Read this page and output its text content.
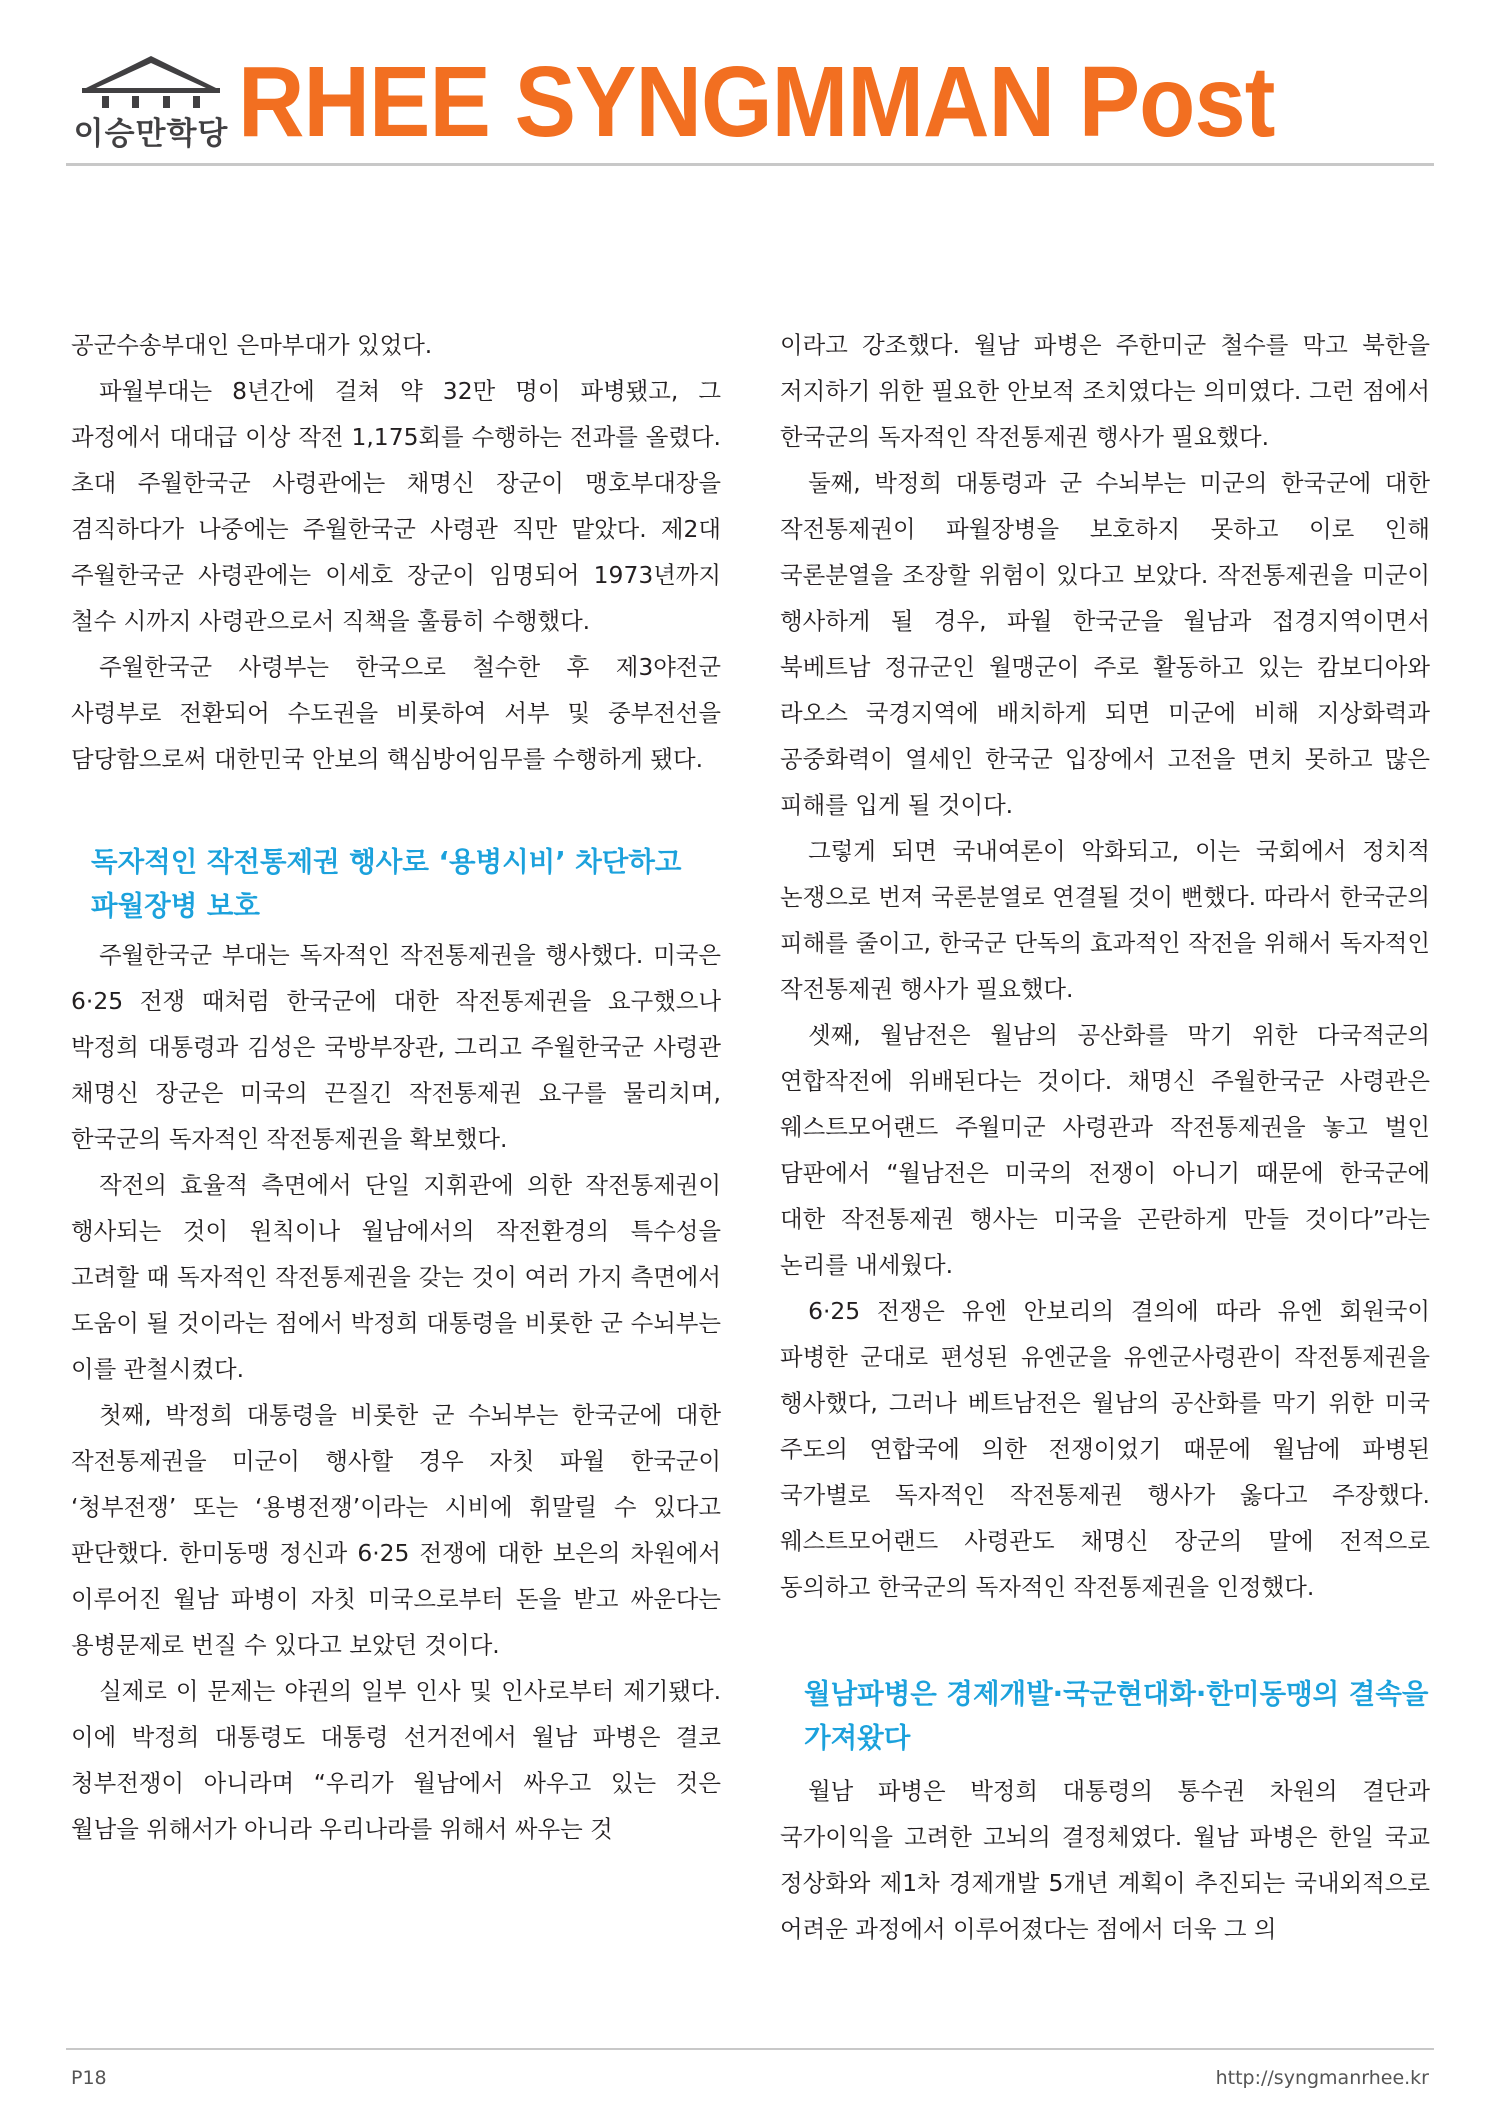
이승만학당 RHEE SYNGMMAN Post

공군수송부대인 은마부대가 있었다.

파월부대는 8년간에 걸쳐 약 32만 명이 파병됐고, 그 과정에서 대대급 이상 작전 1,175회를 수행하는 전과를 올렸다. 초대 주월한국군 사령관에는 채명신 장군이 맹호부대장을 겸직하다가 나중에는 주월한국군 사령관 직만 맡았다. 제2대 주월한국군 사령관에는 이세호 장군이 임명되어 1973년까지 철수 시까지 사령관으로서 직책을 훌륭히 수행했다.

주월한국군 사령부는 한국으로 철수한 후 제3야전군 사령부로 전환되어 수도권을 비롯하여 서부 및 중부전선을 담당함으로써 대한민국 안보의 핵심방어임무를 수행하게 됐다.

독자적인 작전통제권 행사로 ‘용병시비’ 차단하고 파월장병 보호

주월한국군 부대는 독자적인 작전통제권을 행사했다. 미국은 6·25 전쟁 때처럼 한국군에 대한 작전통제권을 요구했으나 박정희 대통령과 김성은 국방부장관, 그리고 주월한국군 사령관 채명신 장군은 미국의 끈질긴 작전통제권 요구를 물리치며, 한국군의 독자적인 작전통제권을 확보했다.

작전의 효율적 측면에서 단일 지휘관에 의한 작전통제권이 행사되는 것이 원칙이나 월남에서의 작전환경의 특수성을 고려할 때 독자적인 작전통제권을 갖는 것이 여러 가지 측면에서 도움이 될 것이라는 점에서 박정희 대통령을 비롯한 군 수뇌부는 이를 관철시켰다.

첫째, 박정희 대통령을 비롯한 군 수뇌부는 한국군에 대한 작전통제권을 미군이 행사할 경우 자칫 파월 한국군이 ‘청부전쟁’ 또는 ‘용병전쟁’이라는 시비에 휘말릴 수 있다고 판단했다. 한미동맹 정신과 6·25 전쟁에 대한 보은의 차원에서 이루어진 월남 파병이 자칫 미국으로부터 돈을 받고 싸운다는 용병문제로 번질 수 있다고 보았던 것이다.

실제로 이 문제는 야권의 일부 인사 및 인사로부터 제기됐다. 이에 박정희 대통령도 대통령 선거전에서 월남 파병은 결코 청부전쟁이 아니라며 “우리가 월남에서 싸우고 있는 것은 월남을 위해서가 아니라 우리나라를 위해서 싸우는 것

이라고 강조했다. 월남 파병은 주한미군 철수를 막고 북한을 저지하기 위한 필요한 안보적 조치였다는 의미였다. 그런 점에서 한국군의 독자적인 작전통제권 행사가 필요했다.

둘째, 박정희 대통령과 군 수뇌부는 미군의 한국군에 대한 작전통제권이 파월장병을 보호하지 못하고 이로 인해 국론분열을 조장할 위험이 있다고 보았다. 작전통제권을 미군이 행사하게 될 경우, 파월 한국군을 월남과 접경지역이면서 북베트남 정규군인 월맹군이 주로 활동하고 있는 캄보디아와 라오스 국경지역에 배치하게 되면 미군에 비해 지상화력과 공중화력이 열세인 한국군 입장에서 고전을 면치 못하고 많은 피해를 입게 될 것이다.

그렇게 되면 국내여론이 악화되고, 이는 국회에서 정치적 논쟁으로 번져 국론분열로 연결될 것이 뻔했다. 따라서 한국군의 피해를 줄이고, 한국군 단독의 효과적인 작전을 위해서 독자적인 작전통제권 행사가 필요했다.

셋째, 월남전은 월남의 공산화를 막기 위한 다국적군의 연합작전에 위배된다는 것이다. 채명신 주월한국군 사령관은 웨스트모어랜드 주월미군 사령관과 작전통제권을 놓고 벌인 담판에서 “월남전은 미국의 전쟁이 아니기 때문에 한국군에 대한 작전통제권 행사는 미국을 곤란하게 만들 것이다”라는 논리를 내세웠다.

6·25 전쟁은 유엔 안보리의 결의에 따라 유엔 회원국이 파병한 군대로 편성된 유엔군을 유엔군사령관이 작전통제권을 행사했다, 그러나 베트남전은 월남의 공산화를 막기 위한 미국 주도의 연합국에 의한 전쟁이었기 때문에 월남에 파병된 국가별로 독자적인 작전통제권 행사가 옳다고 주장했다. 웨스트모어랜드 사령관도 채명신 장군의 말에 전적으로 동의하고 한국군의 독자적인 작전통제권을 인정했다.

월남파병은 경제개발·국군현대화·한미동맹의 결속을 가져왔다

월남 파병은 박정희 대통령의 통수권 차원의 결단과 국가이익을 고려한 고뇌의 결정체였다. 월남 파병은 한일 국교 정상화와 제1차 경제개발 5개년 계획이 추진되는 국내외적으로 어려운 과정에서 이루어졌다는 점에서 더욱 그 의

P18	http://syngmanrhee.kr
